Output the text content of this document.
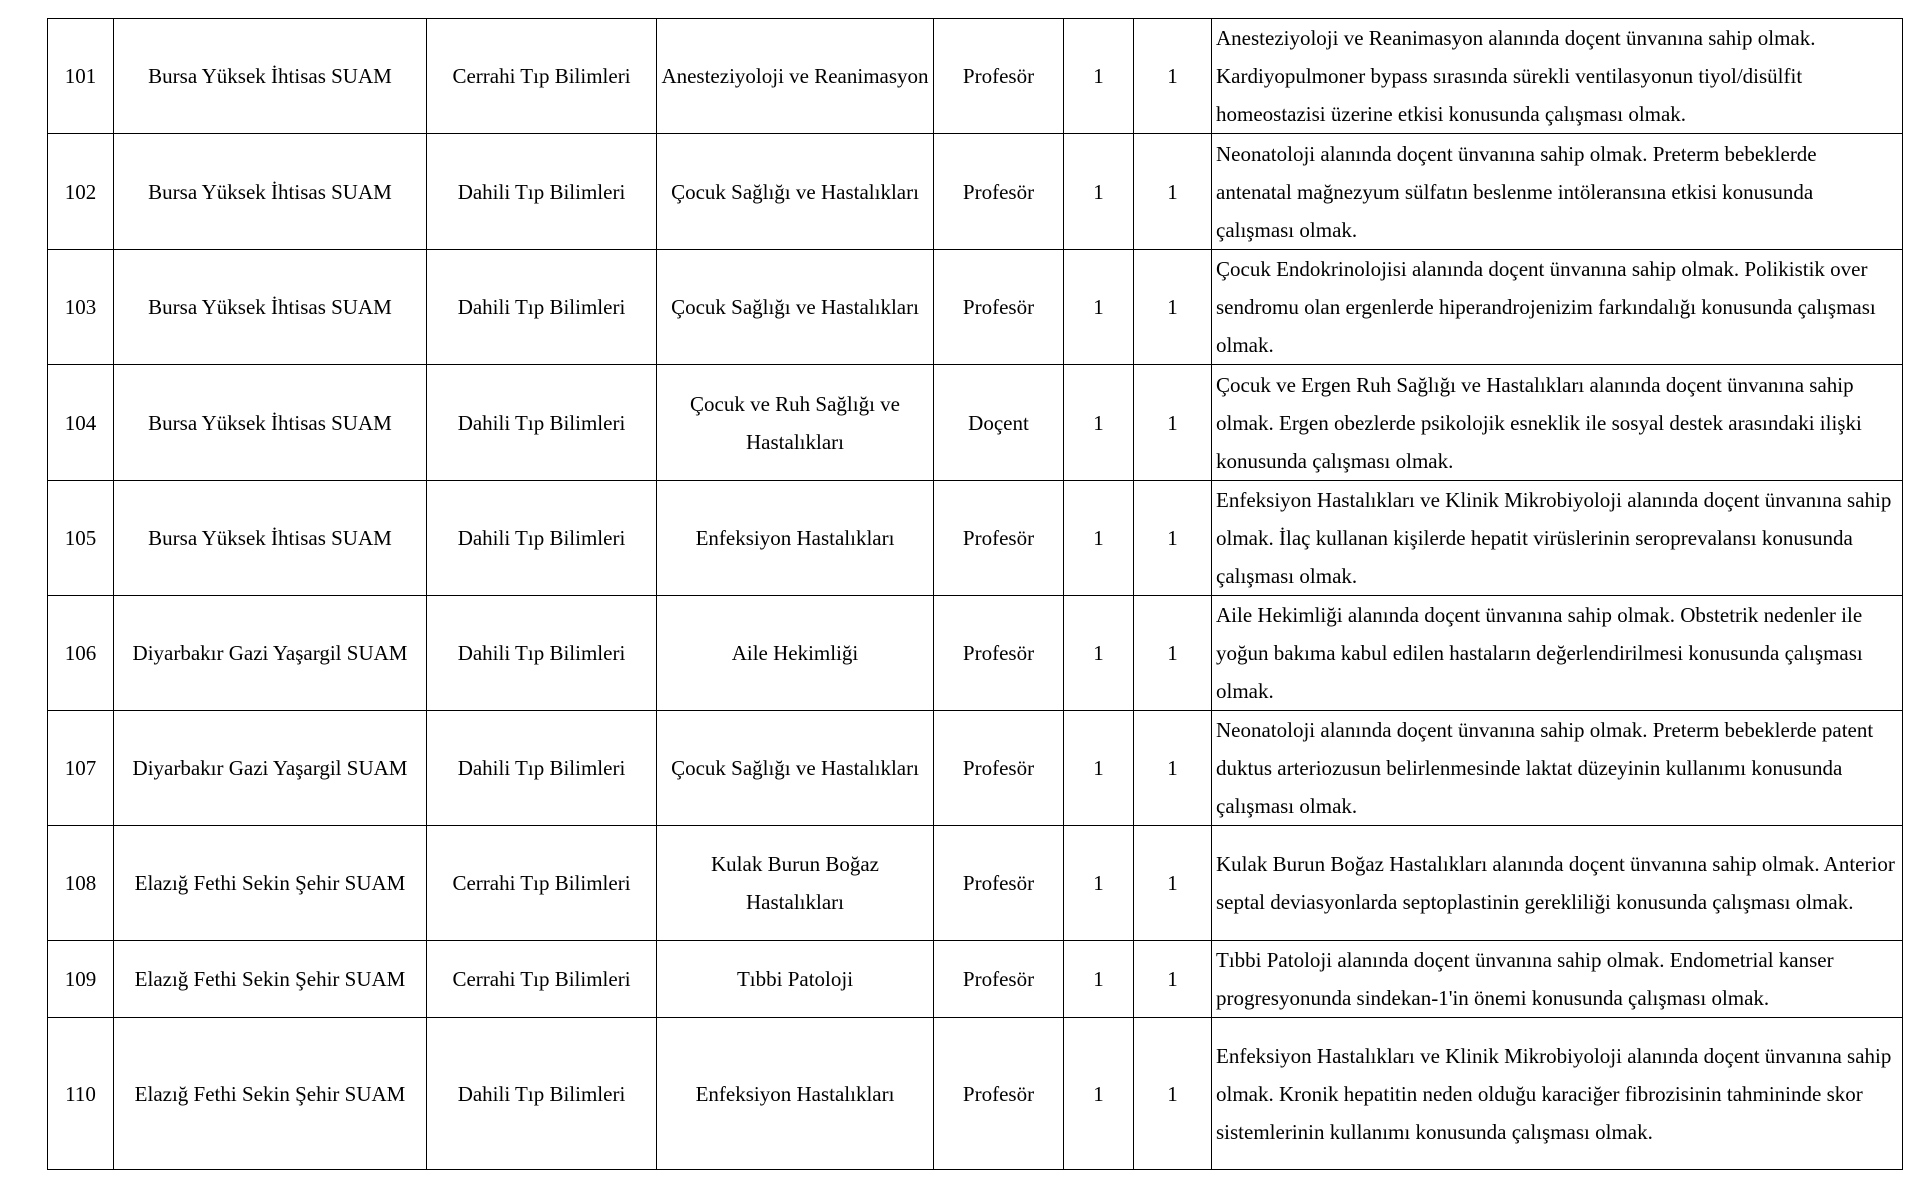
101	Bursa Yüksek İhtisas SUAM	Cerrahi Tıp Bilimleri	Anesteziyoloji ve Reanimasyon	Profesör	1	1	Anesteziyoloji ve Reanimasyon alanında doçent ünvanına sahip olmak. Kardiyopulmoner bypass sırasında sürekli ventilasyonun tiyol/disülfit homeostazisi üzerine etkisi konusunda çalışması olmak.
102	Bursa Yüksek İhtisas SUAM	Dahili Tıp Bilimleri	Çocuk Sağlığı ve Hastalıkları	Profesör	1	1	Neonatoloji alanında doçent ünvanına sahip olmak. Preterm bebeklerde antenatal mağnezyum sülfatın beslenme intöleransına etkisi konusunda çalışması olmak.
103	Bursa Yüksek İhtisas SUAM	Dahili Tıp Bilimleri	Çocuk Sağlığı ve Hastalıkları	Profesör	1	1	Çocuk Endokrinolojisi alanında doçent ünvanına sahip olmak. Polikistik over sendromu olan ergenlerde hiperandrojenizim farkındalığı konusunda çalışması olmak.
104	Bursa Yüksek İhtisas SUAM	Dahili Tıp Bilimleri	Çocuk ve Ruh Sağlığı ve Hastalıkları	Doçent	1	1	Çocuk ve Ergen Ruh Sağlığı ve Hastalıkları alanında doçent ünvanına sahip olmak. Ergen obezlerde psikolojik esneklik ile sosyal destek arasındaki ilişki konusunda çalışması olmak.
105	Bursa Yüksek İhtisas SUAM	Dahili Tıp Bilimleri	Enfeksiyon Hastalıkları	Profesör	1	1	Enfeksiyon Hastalıkları ve Klinik Mikrobiyoloji alanında doçent ünvanına sahip olmak. İlaç kullanan kişilerde hepatit virüslerinin seroprevalansı konusunda çalışması olmak.
106	Diyarbakır Gazi Yaşargil SUAM	Dahili Tıp Bilimleri	Aile Hekimliği	Profesör	1	1	Aile Hekimliği alanında doçent ünvanına sahip olmak. Obstetrik nedenler ile yoğun bakıma kabul edilen hastaların değerlendirilmesi konusunda çalışması olmak.
107	Diyarbakır Gazi Yaşargil SUAM	Dahili Tıp Bilimleri	Çocuk Sağlığı ve Hastalıkları	Profesör	1	1	Neonatoloji alanında doçent ünvanına sahip olmak. Preterm bebeklerde patent duktus arteriozusun belirlenmesinde laktat düzeyinin kullanımı konusunda çalışması olmak.
108	Elazığ Fethi Sekin Şehir SUAM	Cerrahi Tıp Bilimleri	Kulak Burun Boğaz Hastalıkları	Profesör	1	1	Kulak Burun Boğaz Hastalıkları alanında doçent ünvanına sahip olmak. Anterior septal deviasyonlarda septoplastinin gerekliliği konusunda çalışması olmak.
109	Elazığ Fethi Sekin Şehir SUAM	Cerrahi Tıp Bilimleri	Tıbbi Patoloji	Profesör	1	1	Tıbbi Patoloji alanında doçent ünvanına sahip olmak. Endometrial kanser progresyonunda sindekan-1'in önemi konusunda çalışması olmak.
110	Elazığ Fethi Sekin Şehir SUAM	Dahili Tıp Bilimleri	Enfeksiyon Hastalıkları	Profesör	1	1	Enfeksiyon Hastalıkları ve Klinik Mikrobiyoloji alanında doçent ünvanına sahip olmak. Kronik hepatitin neden olduğu karaciğer fibrozisinin tahmininde skor sistemlerinin kullanımı konusunda çalışması olmak.
